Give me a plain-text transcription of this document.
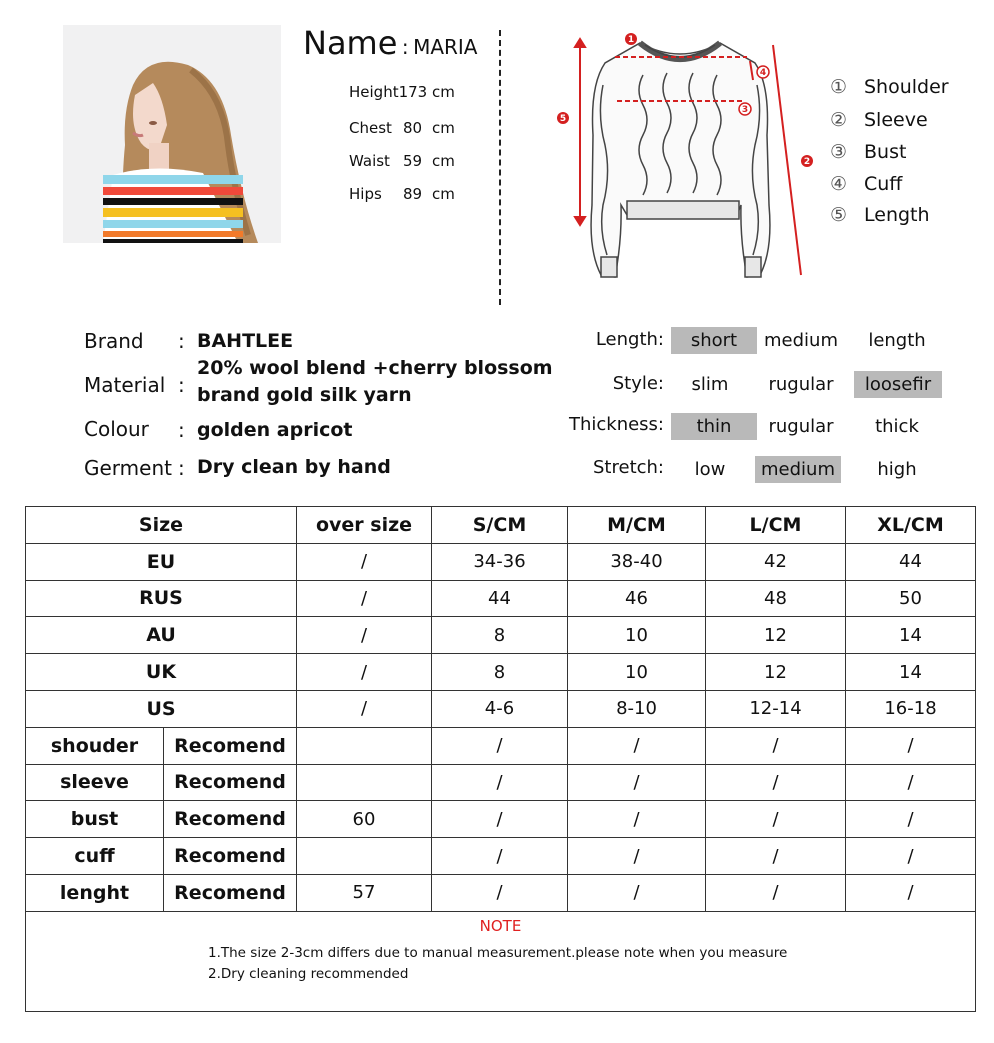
Name : MARIA
Height173 cm
Chest 80 cm
Waist 59 cm
Hips 89 cm
1
2
3
4
5
① Shoulder
② Sleeve
③ Bust
④ Cuff
⑤ Length
Brand : BAHTLEE
Material :
20% wool blend +cherry blossom
brand gold silk yarn
Colour : golden apricot
Germent : Dry clean by hand
Length:	short	medium	length
Style:	slim	rugular	loosefir
Thickness:	thin	rugular	thick
Stretch:	low	medium	high
Size		over size	S/CM	M/CM	L/CM	XL/CM
EU		/	34-36	38-40	42	44
RUS		/	44	46	48	50
AU		/	8	10	12	14
UK		/	8	10	12	14
US		/	4-6	8-10	12-14	16-18
shouder	Recomend		/	/	/	/
sleeve	Recomend		/	/	/	/
bust	Recomend	60	/	/	/	/
cuff	Recomend		/	/	/	/
lenght	Recomend	57	/	/	/	/

NOTE
1.The size 2-3cm differs due to manual measurement.please note when you measure
2.Dry cleaning recommended						
